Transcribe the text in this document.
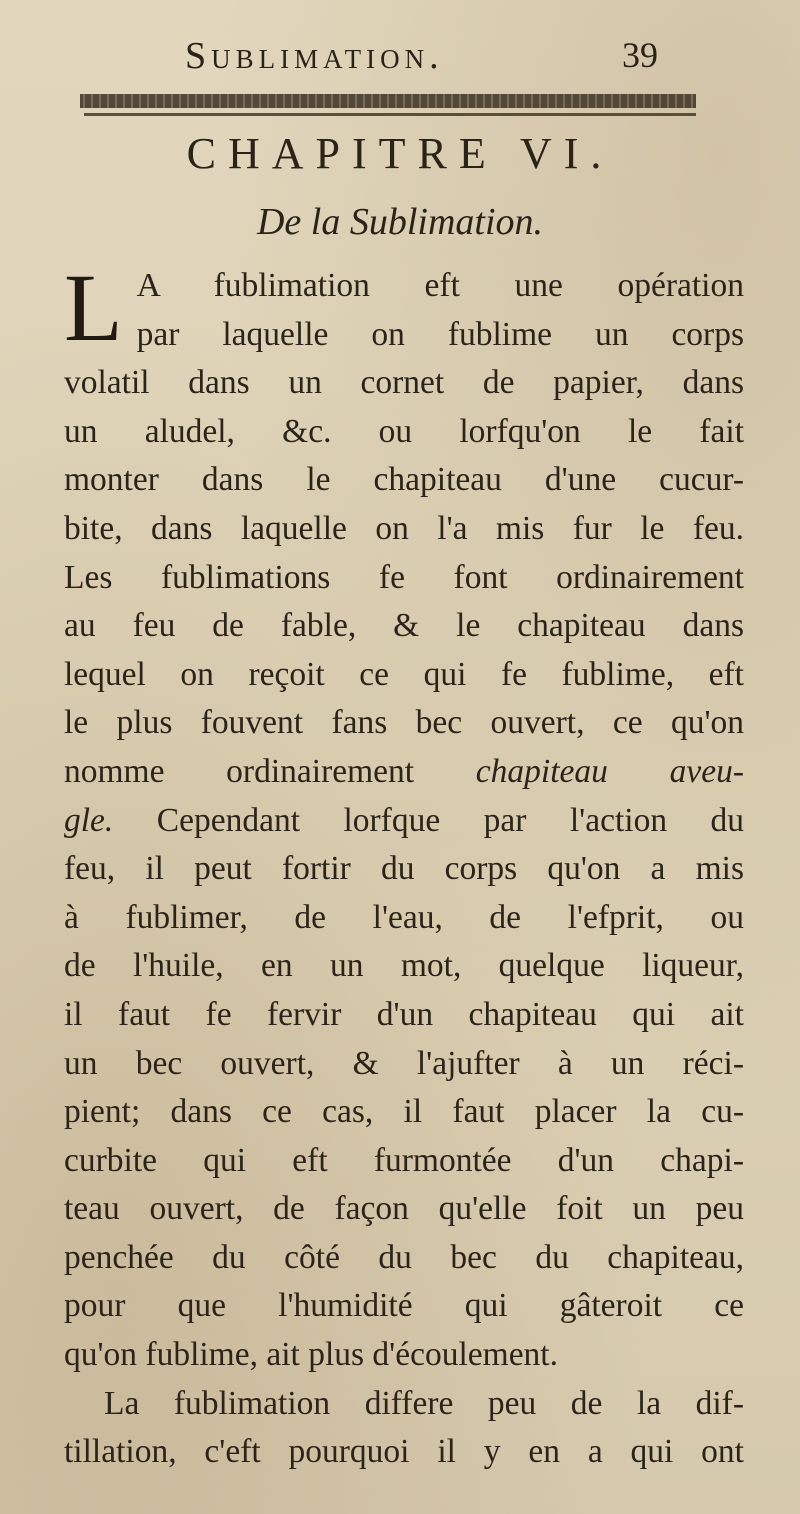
Sublimation.	39
CHAPITRE VI.
De la Sublimation.
L A fublimation eft une opération
par laquelle on fublime un corps
volatil dans un cornet de papier, dans
un aludel, &c. ou lorfqu'on le fait
monter dans le chapiteau d'une cucur-
bite, dans laquelle on l'a mis fur le feu.
Les fublimations fe font ordinairement
au feu de fable, & le chapiteau dans
lequel on reçoit ce qui fe fublime, eft
le plus fouvent fans bec ouvert, ce qu'on
nomme ordinairement chapiteau aveu-
gle. Cependant lorfque par l'action du
feu, il peut fortir du corps qu'on a mis
à fublimer, de l'eau, de l'efprit, ou
de l'huile, en un mot, quelque liqueur,
il faut fe fervir d'un chapiteau qui ait
un bec ouvert, & l'ajufter à un réci-
pient; dans ce cas, il faut placer la cu-
curbite qui eft furmontée d'un chapi-
teau ouvert, de façon qu'elle foit un peu
penchée du côté du bec du chapiteau,
pour que l'humidité qui gâteroit ce
qu'on fublime, ait plus d'écoulement.
La fublimation differe peu de la dif-
tillation, c'eft pourquoi il y en a qui ont
